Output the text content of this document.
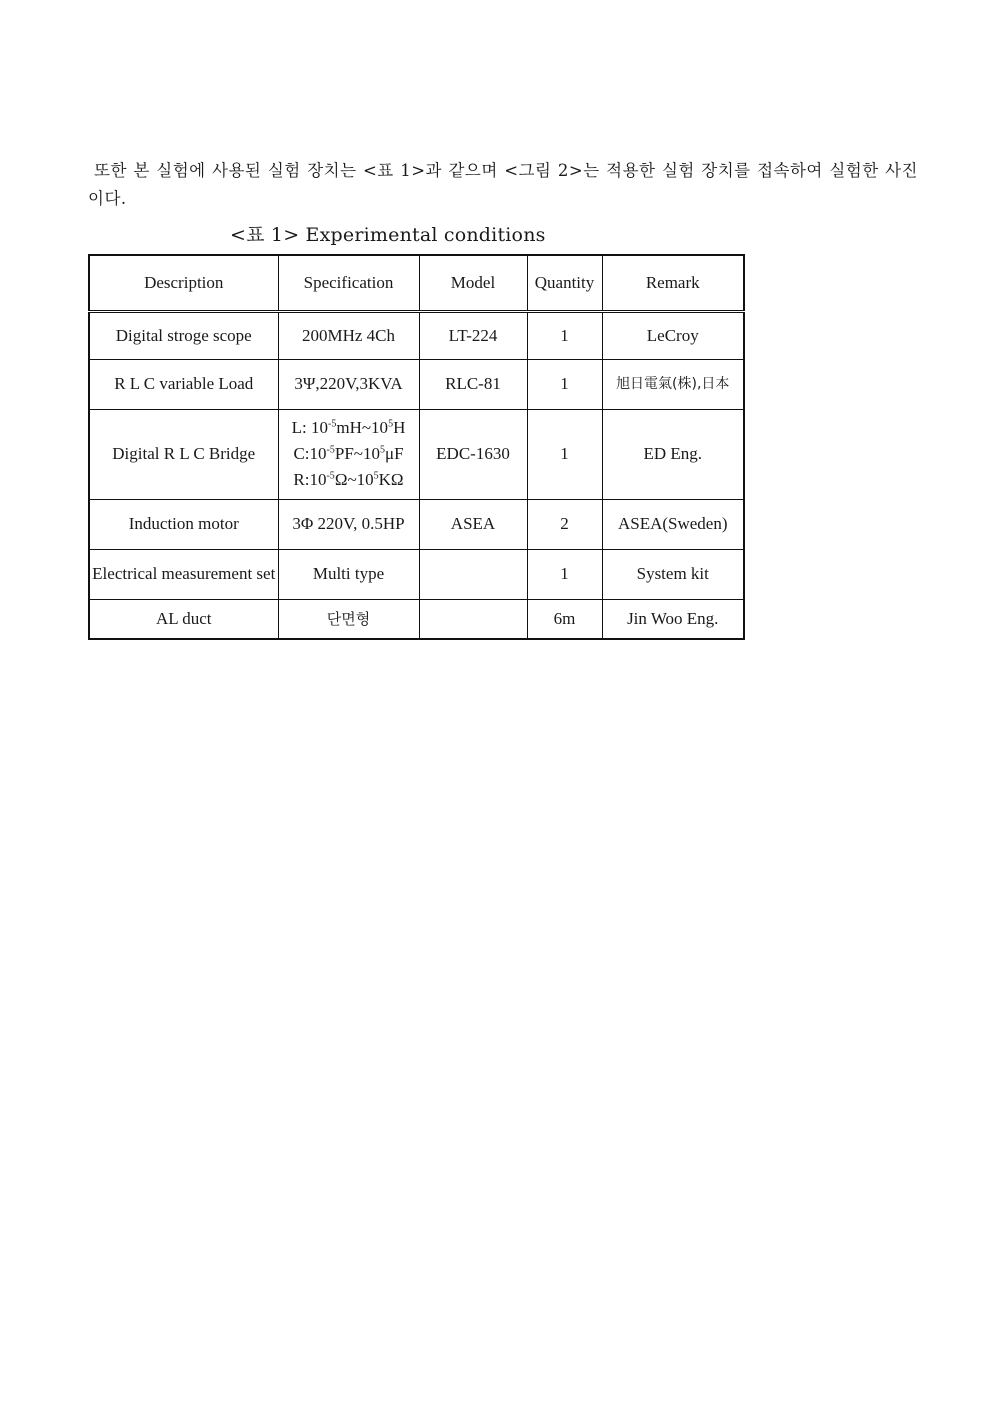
또한 본 실험에 사용된 실험 장치는 <표 1>과 같으며 <그림 2>는 적용한 실험 장치를 접속하여 실험한 사진이다.

<표 1> Experimental conditions
Description	Specification	Model	Quantity	Remark
Digital stroge scope	200MHz 4Ch	LT-224	1	LeCroy
R L C variable Load	3Ψ,220V,3KVA	RLC-81	1	旭日電氣(株),日本
Digital R L C Bridge	L: $10^{-5}mH\sim 10^5H$
$C:10^{-5}PF\sim 10^5\mu F$
$R:10^{-5}\Omega\sim 10^5K\Omega$	EDC-1630	1	ED Eng.
Induction motor	3Φ 220V, 0.5HP	ASEA	2	ASEA(Sweden)
Electrical measurement set	Multi type		1	System kit
AL duct	단면형		6m	Jin Woo Eng.
